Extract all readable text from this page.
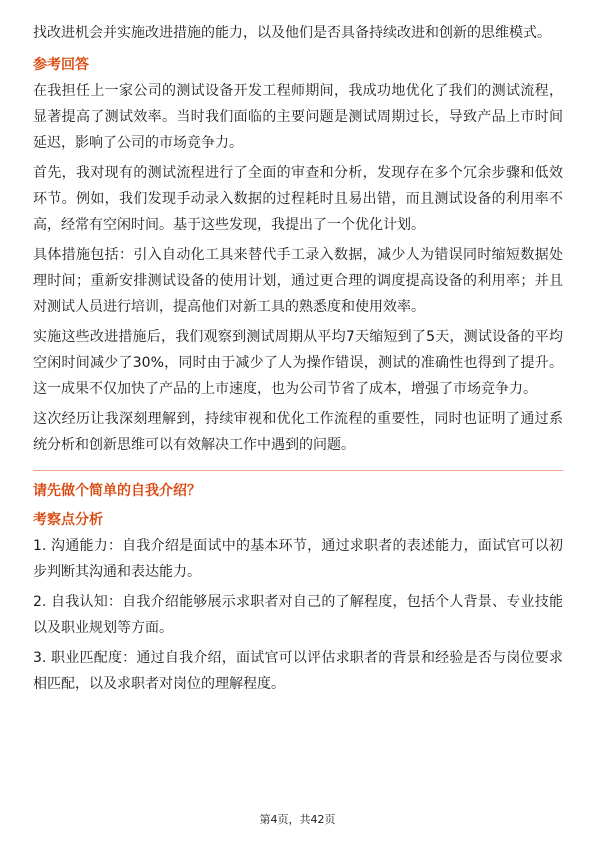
找改进机会并实施改进措施的能力，以及他们是否具备持续改进和创新的思维模式。

参考回答

在我担任上一家公司的测试设备开发工程师期间，我成功地优化了我们的测试流程，显著提高了测试效率。当时我们面临的主要问题是测试周期过长，导致产品上市时间延迟，影响了公司的市场竞争力。

首先，我对现有的测试流程进行了全面的审查和分析，发现存在多个冗余步骤和低效环节。例如，我们发现手动录入数据的过程耗时且易出错，而且测试设备的利用率不高，经常有空闲时间。基于这些发现，我提出了一个优化计划。

具体措施包括：引入自动化工具来替代手工录入数据，减少人为错误同时缩短数据处理时间；重新安排测试设备的使用计划，通过更合理的调度提高设备的利用率；并且对测试人员进行培训，提高他们对新工具的熟悉度和使用效率。

实施这些改进措施后，我们观察到测试周期从平均7天缩短到了5天，测试设备的平均空闲时间减少了30%，同时由于减少了人为操作错误，测试的准确性也得到了提升。这一成果不仅加快了产品的上市速度，也为公司节省了成本，增强了市场竞争力。

这次经历让我深刻理解到，持续审视和优化工作流程的重要性，同时也证明了通过系统分析和创新思维可以有效解决工作中遇到的问题。

请先做个简单的自我介绍？

考察点分析

1. 沟通能力：自我介绍是面试中的基本环节，通过求职者的表述能力，面试官可以初步判断其沟通和表达能力。

2. 自我认知：自我介绍能够展示求职者对自己的了解程度，包括个人背景、专业技能以及职业规划等方面。

3. 职业匹配度：通过自我介绍，面试官可以评估求职者的背景和经验是否与岗位要求相匹配，以及求职者对岗位的理解程度。

第4页，共42页
